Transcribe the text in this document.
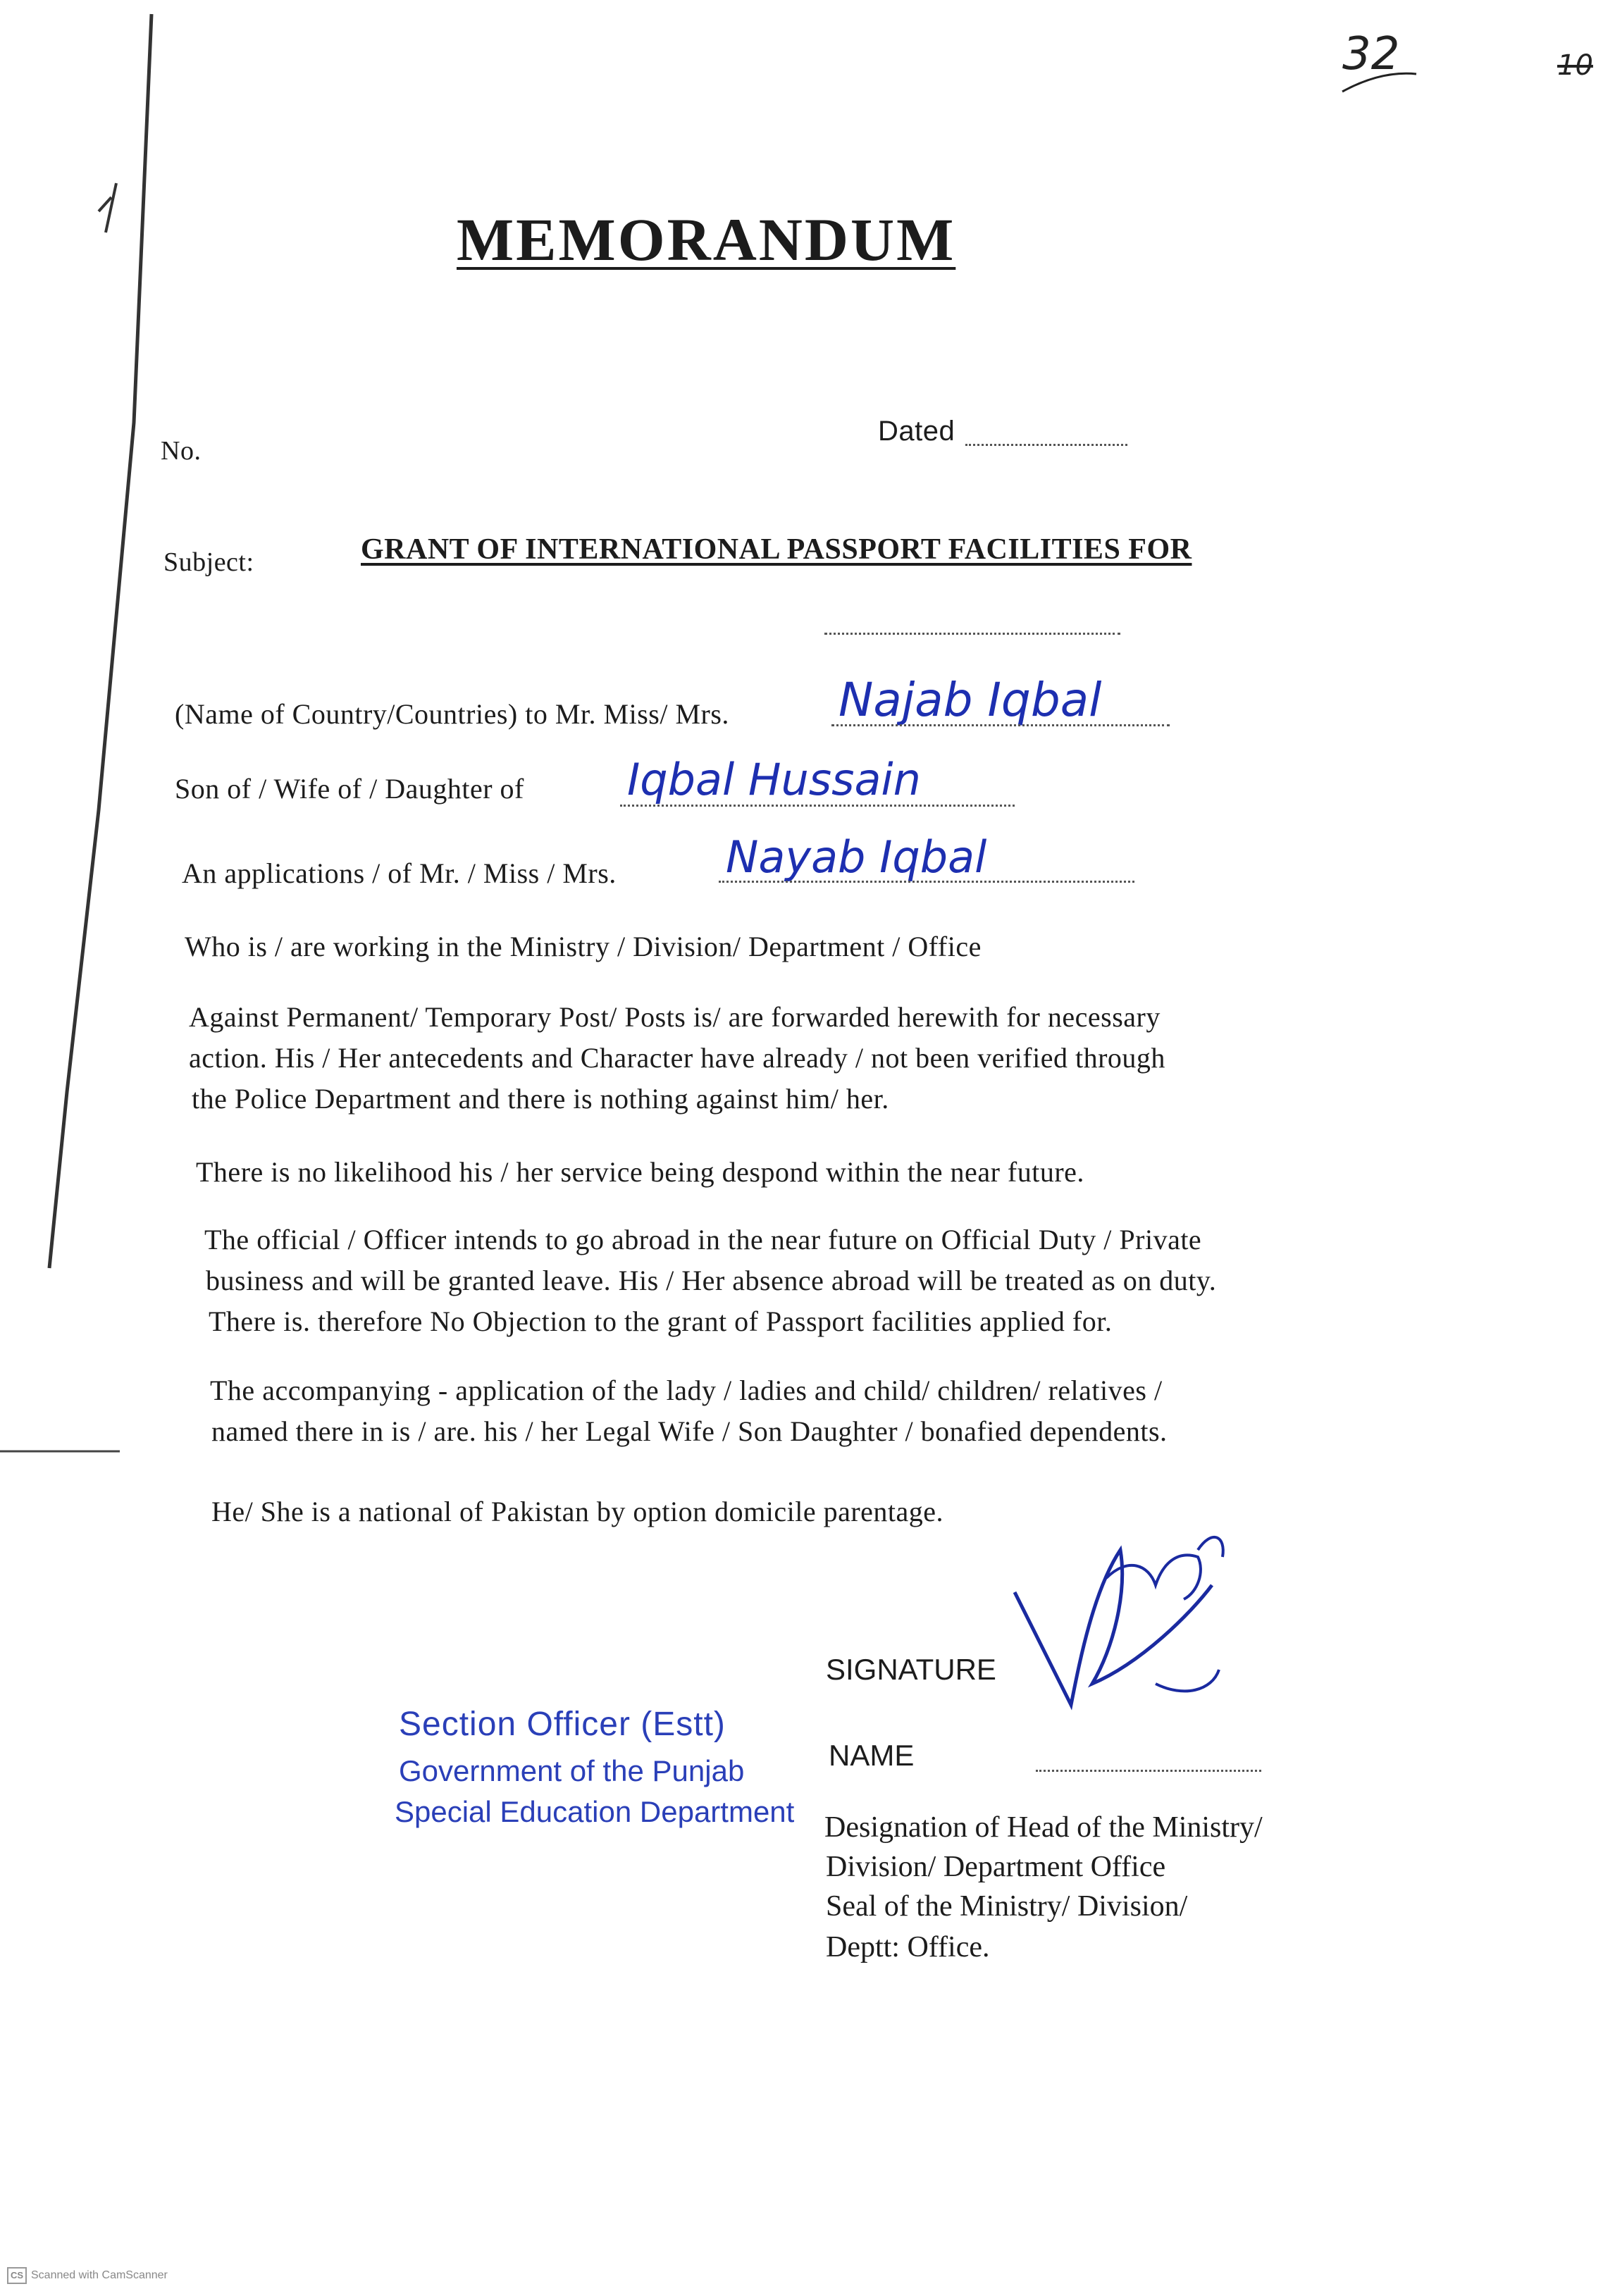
32	10
MEMORANDUM
No.
Dated
Subject:	GRANT OF INTERNATIONAL PASSPORT FACILITIES FOR
(Name of Country/Countries) to Mr. Miss/ Mrs. Najab Iqbal
Son of / Wife of / Daughter of Iqbal Hussain
An applications / of Mr. / Miss / Mrs.	Nayab Iqbal
Who is / are working in the Ministry / Division/ Department / Office
Against Permanent/ Temporary Post/ Posts is/ are forwarded herewith for necessary
action. His / Her antecedents and Character have already / not been verified through
the Police Department and there is nothing against him/ her.
There is no likelihood his / her service being despond within the near future.
The official / Officer intends to go abroad in the near future on Official Duty / Private
business and will be granted leave. His / Her absence abroad will be treated as on duty.
There is. therefore No Objection to the grant of Passport facilities applied for.
The accompanying - application of the lady / ladies and child/ children/ relatives /
named there in is / are. his / her Legal Wife / Son Daughter / bonafied dependents.
He/ She is a national of Pakistan by option domicile parentage.
SIGNATURE
NAME
Designation of Head of the Ministry/
Division/ Department Office
Seal of the Ministry/ Division/
Deptt: Office.
Section Officer (Estt)
Government of the Punjab
Special Education Department
CS Scanned with CamScanner
